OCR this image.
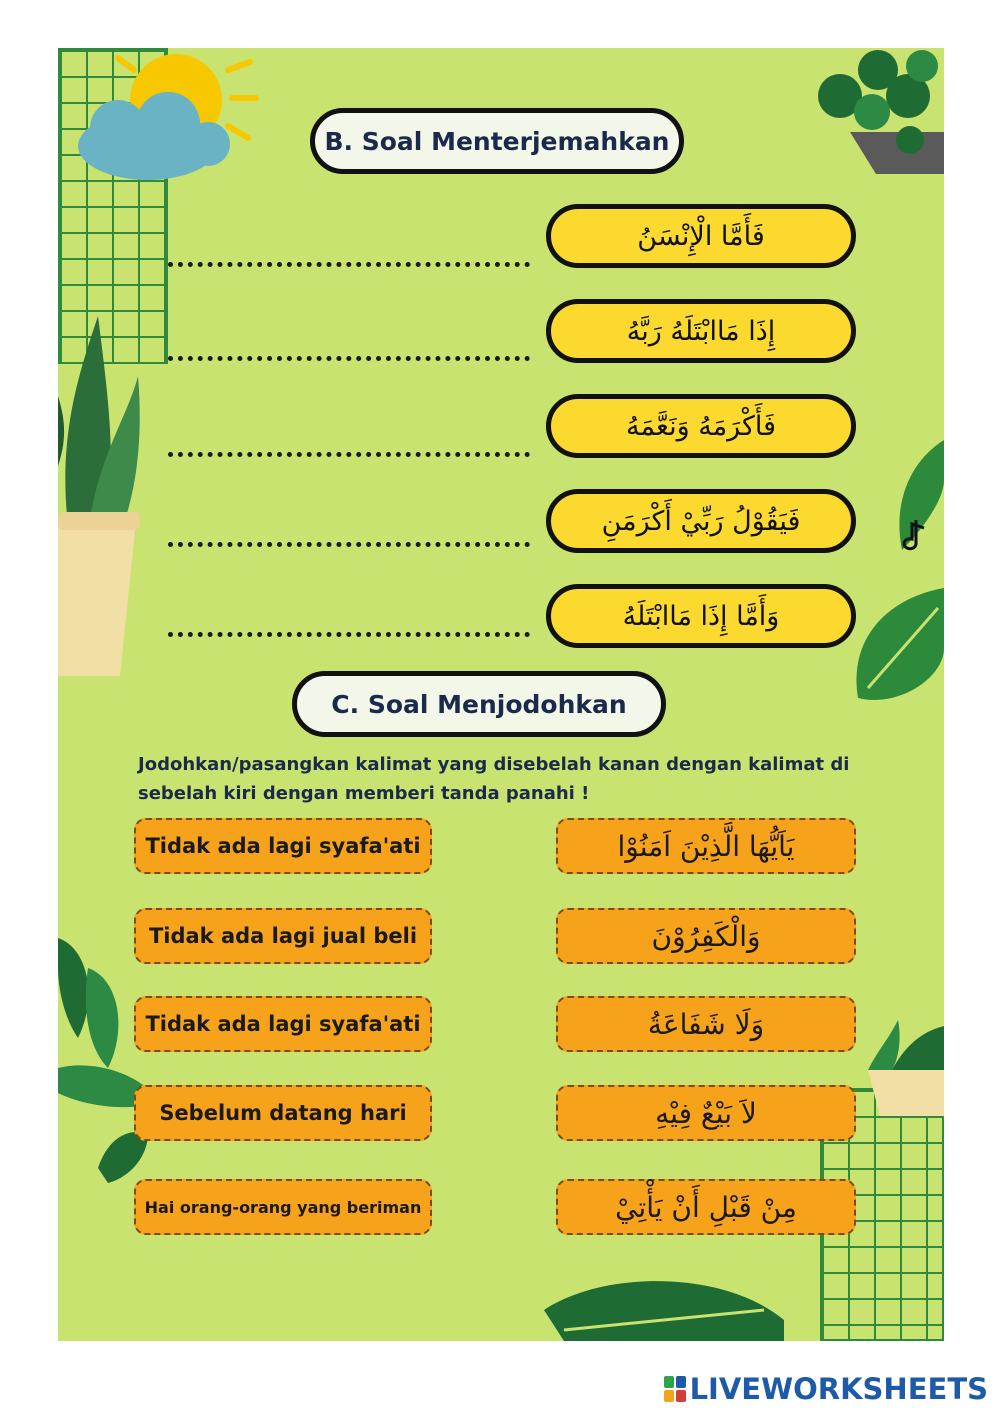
B. Soal Menterjemahkan
فَأَمَّا الْإِنْسَنُ
إِذَا مَاابْتَلَهُ رَبَّهُ
فَأَكْرَمَهُ وَنَعَّمَهُ
فَيَقُوْلُ رَبِّيْ أَكْرَمَنِ
وَأَمَّا إِذَا مَاابْتَلَهُ
C. Soal Menjodohkan
Jodohkan/pasangkan kalimat yang disebelah kanan dengan kalimat di
sebelah kiri dengan memberi tanda panahi !
Tidak ada lagi syafa'ati	يَاَيُّهَا الَّذِيْنَ اَمَنُوْا
Tidak ada lagi jual beli	وَالْكَفِرُوْنَ
Tidak ada lagi syafa'ati	وَلَا شَفَاعَةُ
Sebelum datang hari	لاَ بَيْعٌ فِيْهِ
Hai orang-orang yang beriman	مِنْ قَبْلِ أَنْ يَأْتِيْ
LIVEWORKSHEETS
